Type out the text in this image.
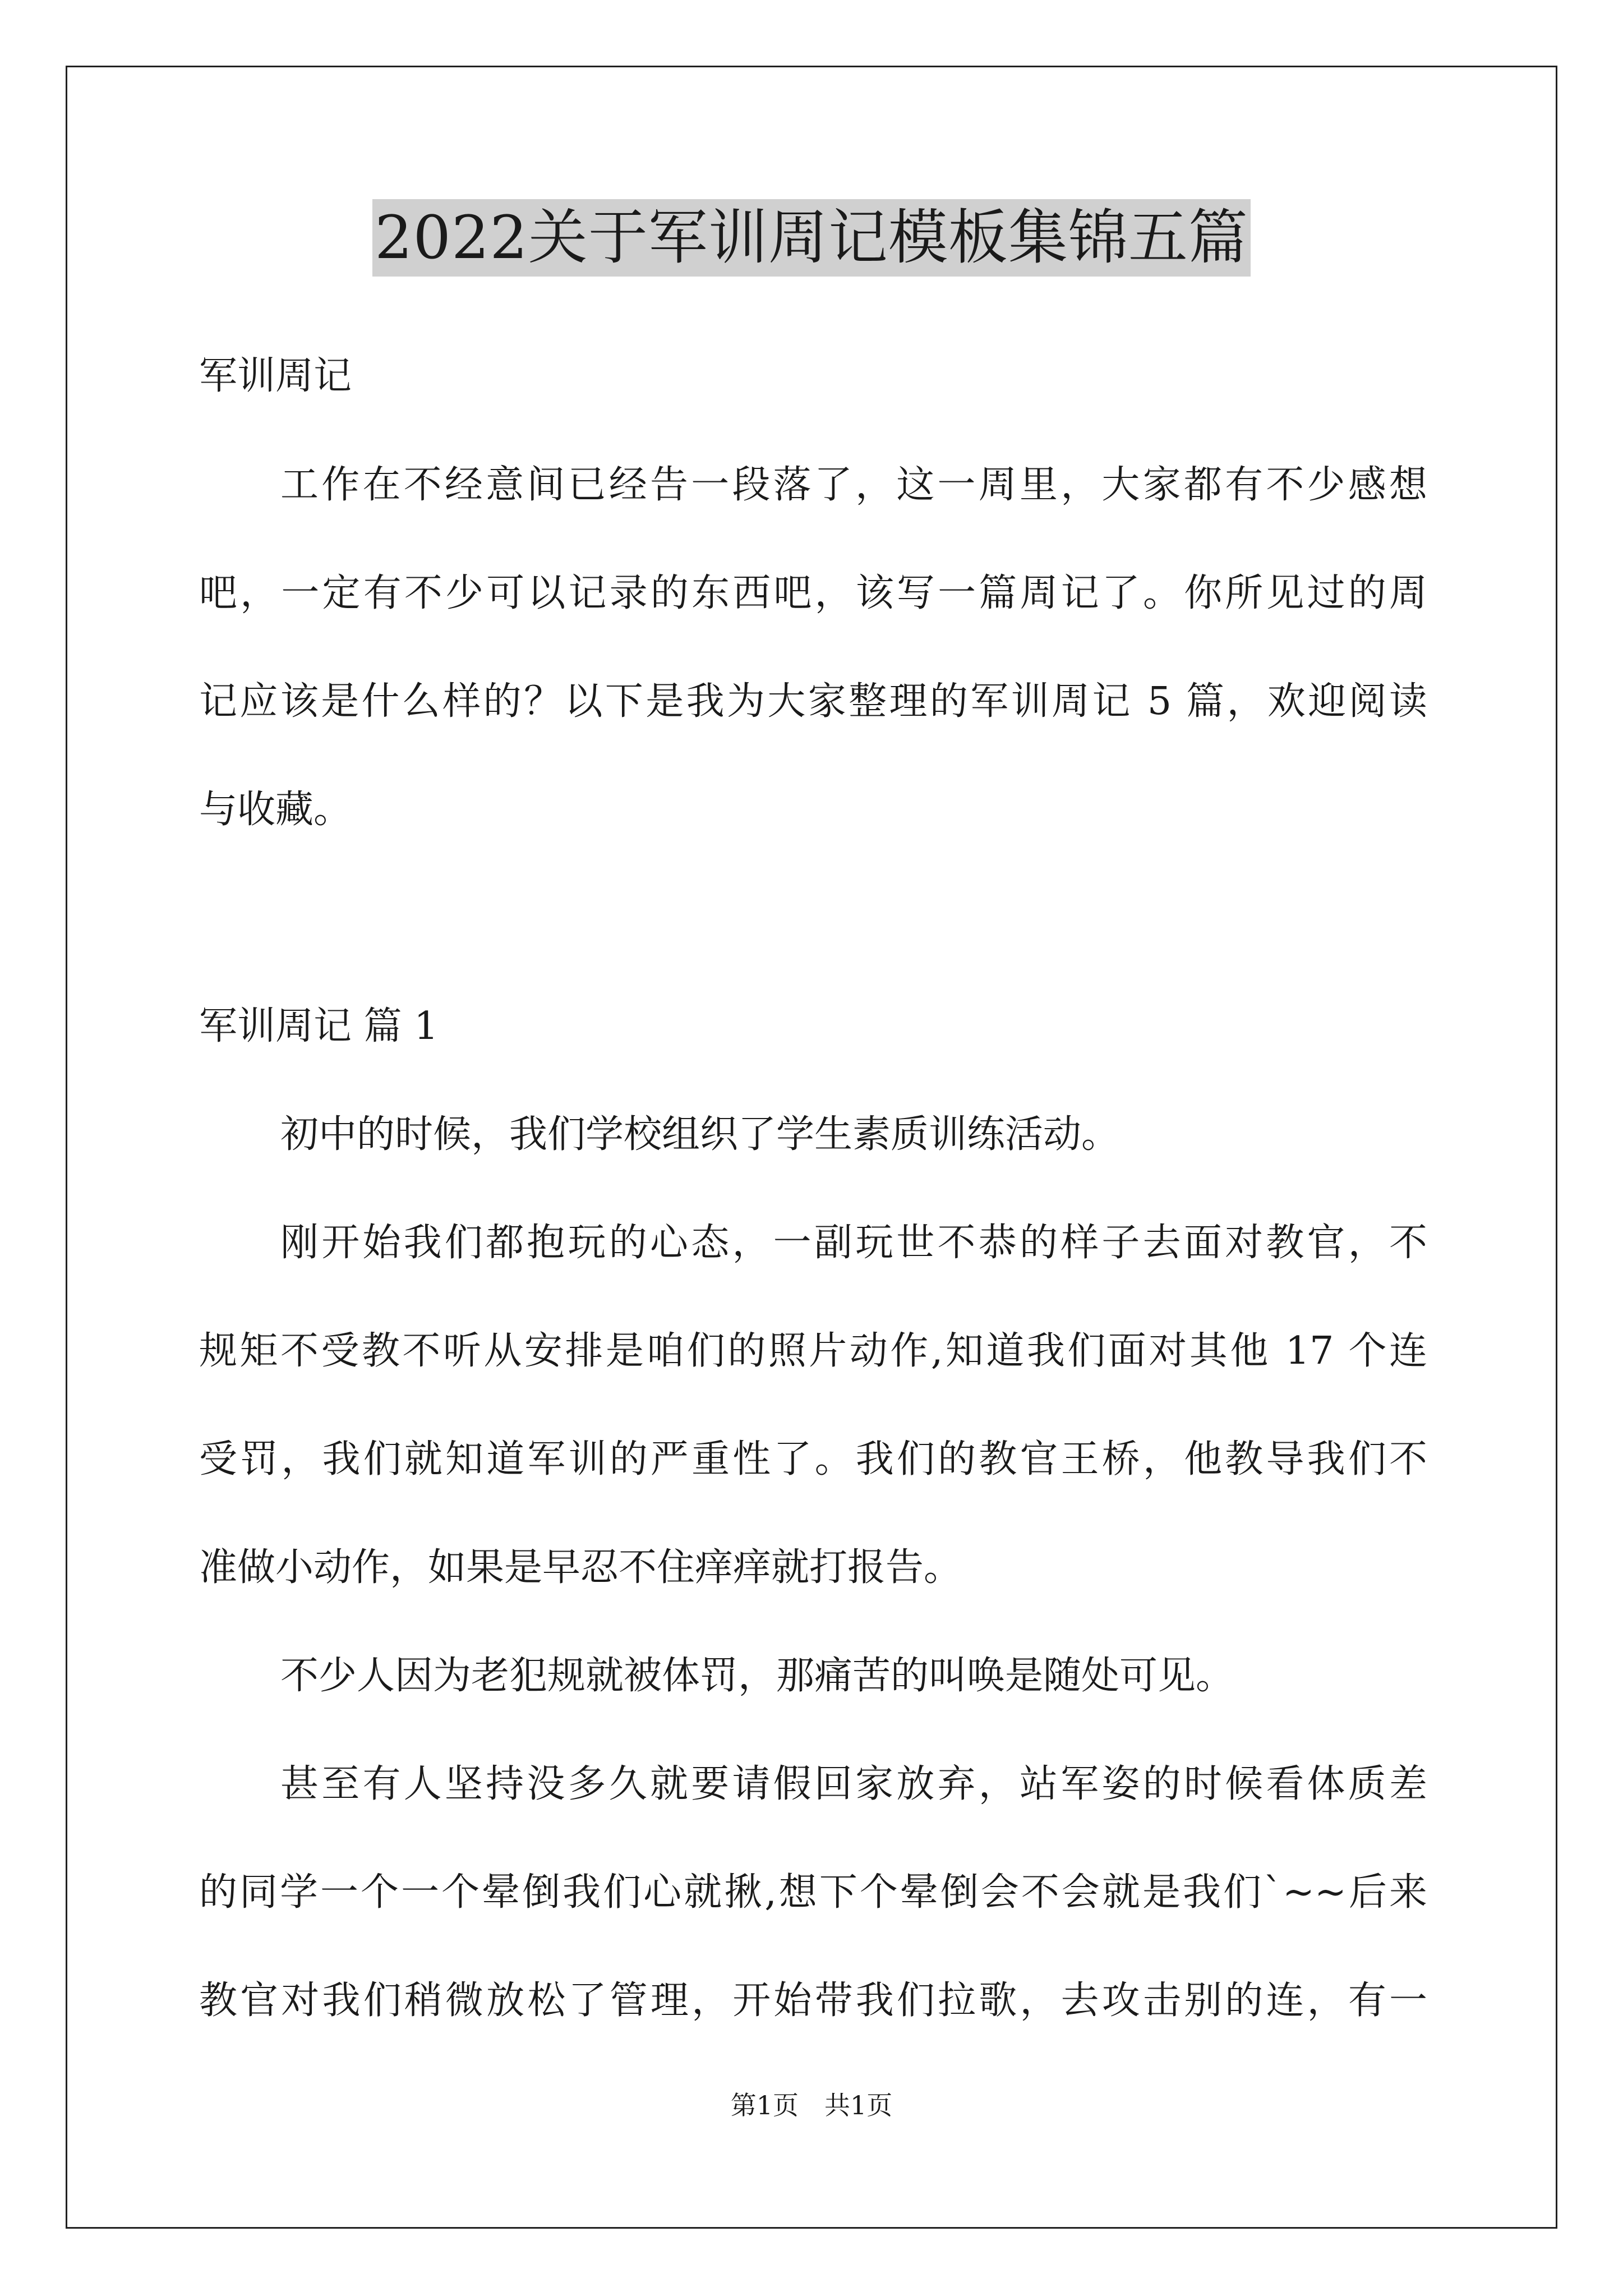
2022关于军训周记模板集锦五篇
军训周记
工作在不经意间已经告一段落了，这一周里，大家都有不少感想
吧，一定有不少可以记录的东西吧，该写一篇周记了。你所见过的周
记应该是什么样的？以下是我为大家整理的军训周记 5 篇，欢迎阅读
与收藏。
军训周记 篇 1
初中的时候，我们学校组织了学生素质训练活动。
刚开始我们都抱玩的心态，一副玩世不恭的样子去面对教官，不
规矩不受教不听从安排是咱们的照片动作,知道我们面对其他 17 个连
受罚，我们就知道军训的严重性了。我们的教官王桥，他教导我们不
准做小动作，如果是早忍不住痒痒就打报告。
不少人因为老犯规就被体罚，那痛苦的叫唤是随处可见。
甚至有人坚持没多久就要请假回家放弃，站军姿的时候看体质差
的同学一个一个晕倒我们心就揪,想下个晕倒会不会就是我们`~~后来
教官对我们稍微放松了管理，开始带我们拉歌，去攻击别的连，有一
第1页　共1页
